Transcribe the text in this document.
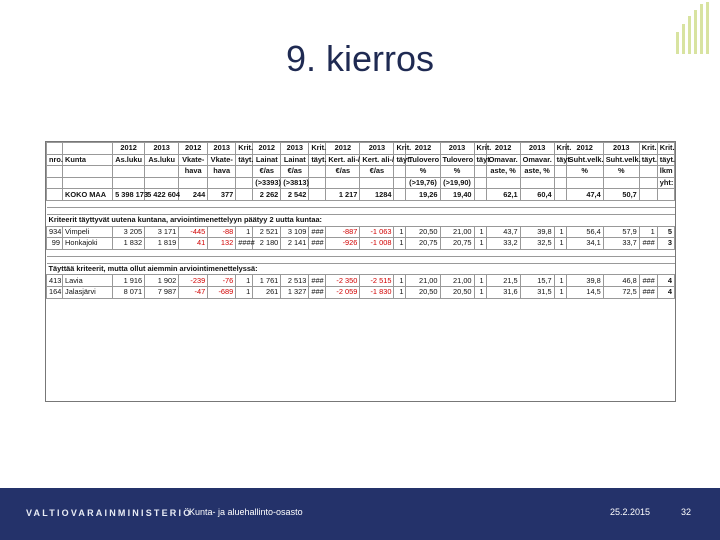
9. kierros
		2012	2013	2012	2013	Krit.	2012	2013	Krit.	2012	2013	Krit.	2012	2013	Krit.	2012	2013	Krit.	2012	2013	Krit.	Krit.
nro.	Kunta	As.luku	As.luku	Vkate-	Vkate-	täyt.	Lainat	Lainat	täyt.	Kert. ali-/	Kert. ali-/	täyt.	Tulovero	Tulovero	täyt.	Omavar.	Omavar.	täyt.	Suht.velk.	Suht.velk.	täyt.	täyt.
				hava	hava		€/as	€/as		€/as	€/as		%	%		aste, %	aste, %		%	%		lkm
							(>3393)	(>3813)					(>19,76)	(>19,90)								yht:
	KOKO MAA	5 398 173	5 422 604	244	377		2 262	2 542		1 217	1284		19,26	19,40		62,1	60,4		47,4	50,7		

Kriteerit täyttyvät uutena kuntana, arviointimenettelyyn päätyy 2 uutta kuntaa:																						
934	Vimpeli	3 205	3 171	-445	-88	1	2 521	3 109	###	-887	-1 063	1	20,50	21,00	1	43,7	39,8	1	56,4	57,9	1	5
99	Honkajoki	1 832	1 819	41	132	####	2 180	2 141	###	-926	-1 008	1	20,75	20,75	1	33,2	32,5	1	34,1	33,7	###	3

Täyttää kriteerit, mutta ollut aiemmin arviointimenettelyssä:																						
413	Lavia	1 916	1 902	-239	-76	1	1 761	2 513	###	-2 350	-2 515	1	21,00	21,00	1	21,5	15,7	1	39,8	46,8	###	4
164	Jalasjärvi	8 071	7 987	-47	-689	1	261	1 327	###	-2 059	-1 830	1	20,50	20,50	1	31,6	31,5	1	14,5	72,5	###	4
VALTIOVARAINMINISTERIÖ
Kunta- ja aluehallinto-osasto	25.2.2015	32
